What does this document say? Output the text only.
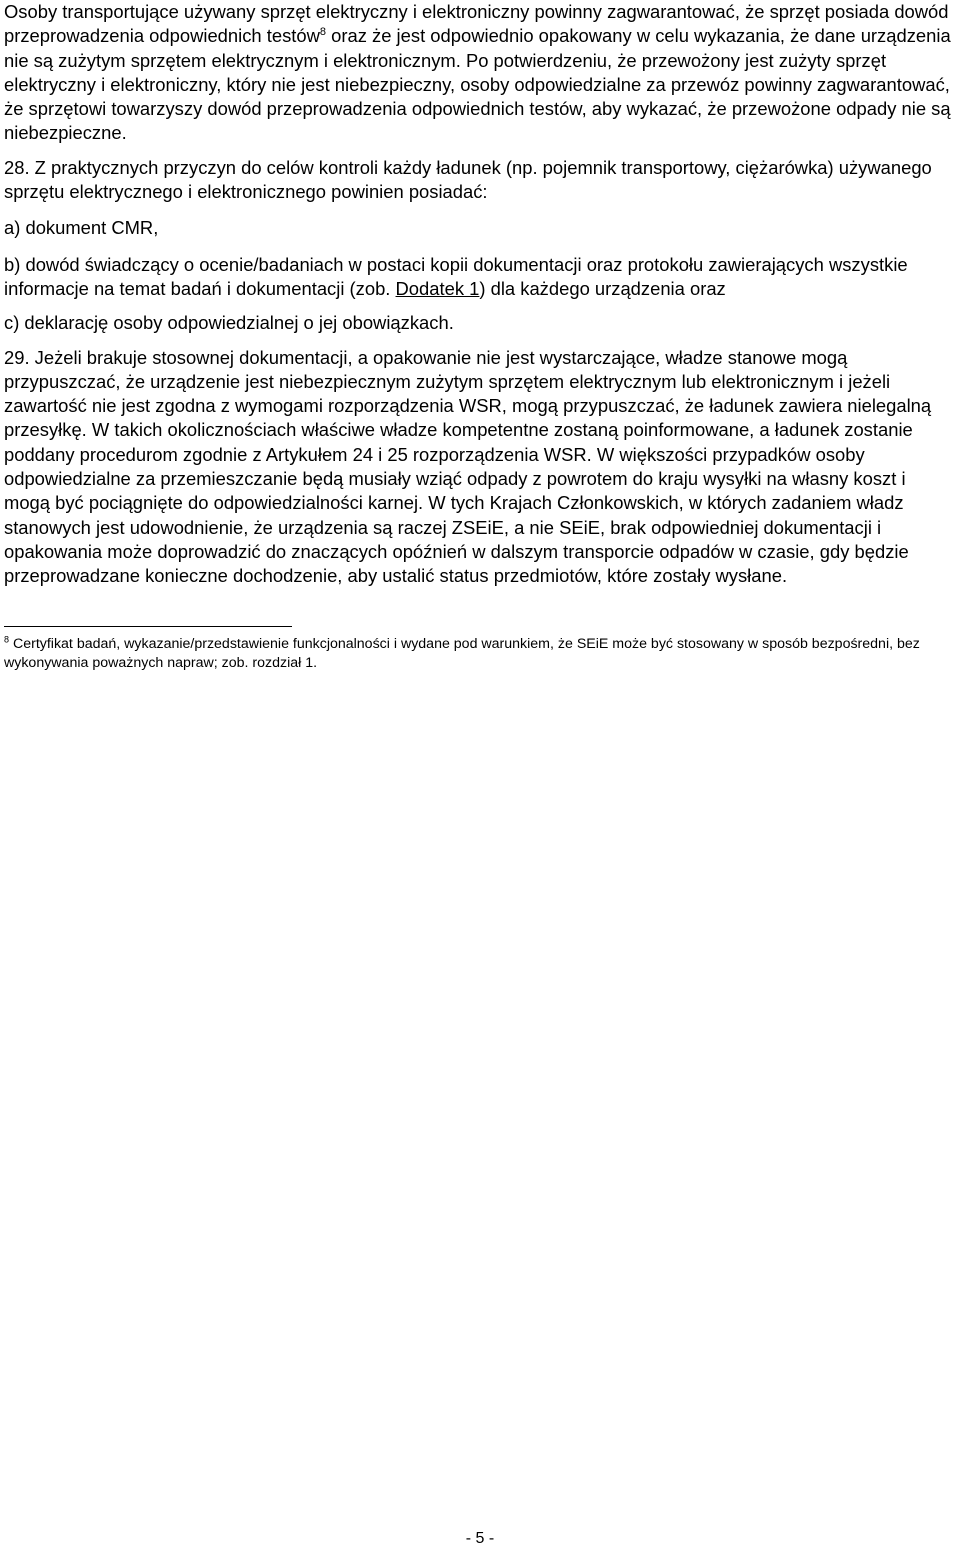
Osoby transportujące używany sprzęt elektryczny i elektroniczny powinny zagwarantować, że sprzęt posiada dowód przeprowadzenia odpowiednich testów$^8$ oraz że jest odpowiednio opakowany w celu wykazania, że dane urządzenia nie są zużytym sprzętem elektrycznym i elektronicznym. Po potwierdzeniu, że przewożony jest zużyty sprzęt elektryczny i elektroniczny, który nie jest niebezpieczny, osoby odpowiedzialne za przewóz powinny zagwarantować, że sprzętowi towarzyszy dowód przeprowadzenia odpowiednich testów, aby wykazać, że przewożone odpady nie są niebezpieczne.

28. Z praktycznych przyczyn do celów kontroli każdy ładunek (np. pojemnik transportowy, ciężarówka) używanego sprzętu elektrycznego i elektronicznego powinien posiadać:

a) dokument CMR,

b) dowód świadczący o ocenie/badaniach w postaci kopii dokumentacji oraz protokołu zawierających wszystkie informacje na temat badań i dokumentacji (zob. Dodatek 1) dla każdego urządzenia oraz

c) deklarację osoby odpowiedzialnej o jej obowiązkach.

29. Jeżeli brakuje stosownej dokumentacji, a opakowanie nie jest wystarczające, władze stanowe mogą przypuszczać, że urządzenie jest niebezpiecznym zużytym sprzętem elektrycznym lub elektronicznym i jeżeli zawartość nie jest zgodna z wymogami rozporządzenia WSR, mogą przypuszczać, że ładunek zawiera nielegalną przesyłkę. W takich okolicznościach właściwe władze kompetentne zostaną poinformowane, a ładunek zostanie poddany procedurom zgodnie z Artykułem 24 i 25 rozporządzenia WSR. W większości przypadków osoby odpowiedzialne za przemieszczanie będą musiały wziąć odpady z powrotem do kraju wysyłki na własny koszt i mogą być pociągnięte do odpowiedzialności karnej. W tych Krajach Członkowskich, w których zadaniem władz stanowych jest udowodnienie, że urządzenia są raczej ZSEiE, a nie SEiE, brak odpowiedniej dokumentacji i opakowania może doprowadzić do znaczących opóźnień w dalszym transporcie odpadów w czasie, gdy będzie przeprowadzane konieczne dochodzenie, aby ustalić status przedmiotów, które zostały wysłane.

$^8$ Certyfikat badań, wykazanie/przedstawienie funkcjonalności i wydane pod warunkiem, że SEiE może być stosowany w sposób bezpośredni, bez wykonywania poważnych napraw; zob. rozdział 1.

- 5 -
